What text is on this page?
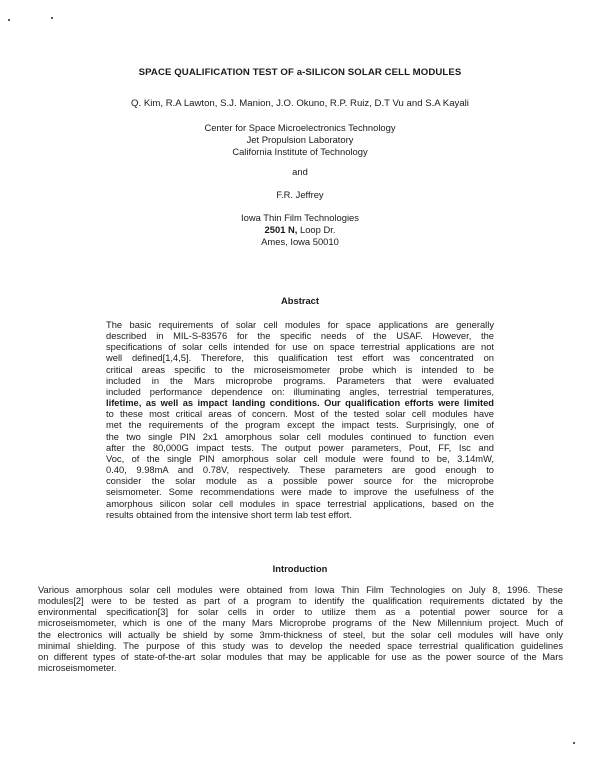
SPACE QUALIFICATION TEST OF a-SILICON SOLAR CELL MODULES
Q. Kim, R.A Lawton, S.J. Manion, J.O. Okuno, R.P. Ruiz, D.T Vu and S.A Kayali
Center for Space Microelectronics Technology
Jet Propulsion Laboratory
California Institute of Technology
and
F.R. Jeffrey
Iowa Thin Film Technologies
2501 N, Loop Dr.
Ames, Iowa 50010
Abstract
The basic requirements of solar cell modules for space applications are generally
described in MIL-S-83576 for the specific needs of the USAF. However, the
specifications of solar cells intended for use on space terrestrial applications are not
well defined[1,4,5]. Therefore, this qualification test effort was concentrated on
critical areas specific to the microseismometer probe which is intended to be
included in the Mars microprobe programs. Parameters that were evaluated
included performance dependence on: illuminating angles, terrestrial temperatures,
lifetime, as well as impact landing conditions. Our qualification efforts were limited
to these most critical areas of concern. Most of the tested solar cell modules have
met the requirements of the program except the impact tests. Surprisingly, one of
the two single PIN 2x1 amorphous solar cell modules continued to function even
after the 80,000G impact tests. The output power parameters, Pout, FF, Isc and
Voc, of the single PIN amorphous solar cell module were found to be, 3.14mW,
0.40, 9.98mA and 0.78V, respectively. These parameters are good enough to
consider the solar module as a possible power source for the microprobe
seismometer. Some recommendations were made to improve the usefulness of the
amorphous silicon solar cell modules in space terrestrial applications, based on the
results obtained from the intensive short term lab test effort.
Introduction
Various amorphous solar cell modules were obtained from Iowa Thin Film Technologies on July 8, 1996. These
modules[2] were to be tested as part of a program to identify the qualification requirements dictated by the
environmental specification[3] for solar cells in order to utilize them as a potential power source for a
microseismometer, which is one of the many Mars Microprobe programs of the New Millennium project. Much of
the electronics will actually be shield by some 3mm-thickness of steel, but the solar cell modules will have only
minimal shielding. The purpose of this study was to develop the needed space terrestrial qualification guidelines
on different types of state-of-the-art solar modules that may be applicable for use as the power source of the Mars
microseismometer.
